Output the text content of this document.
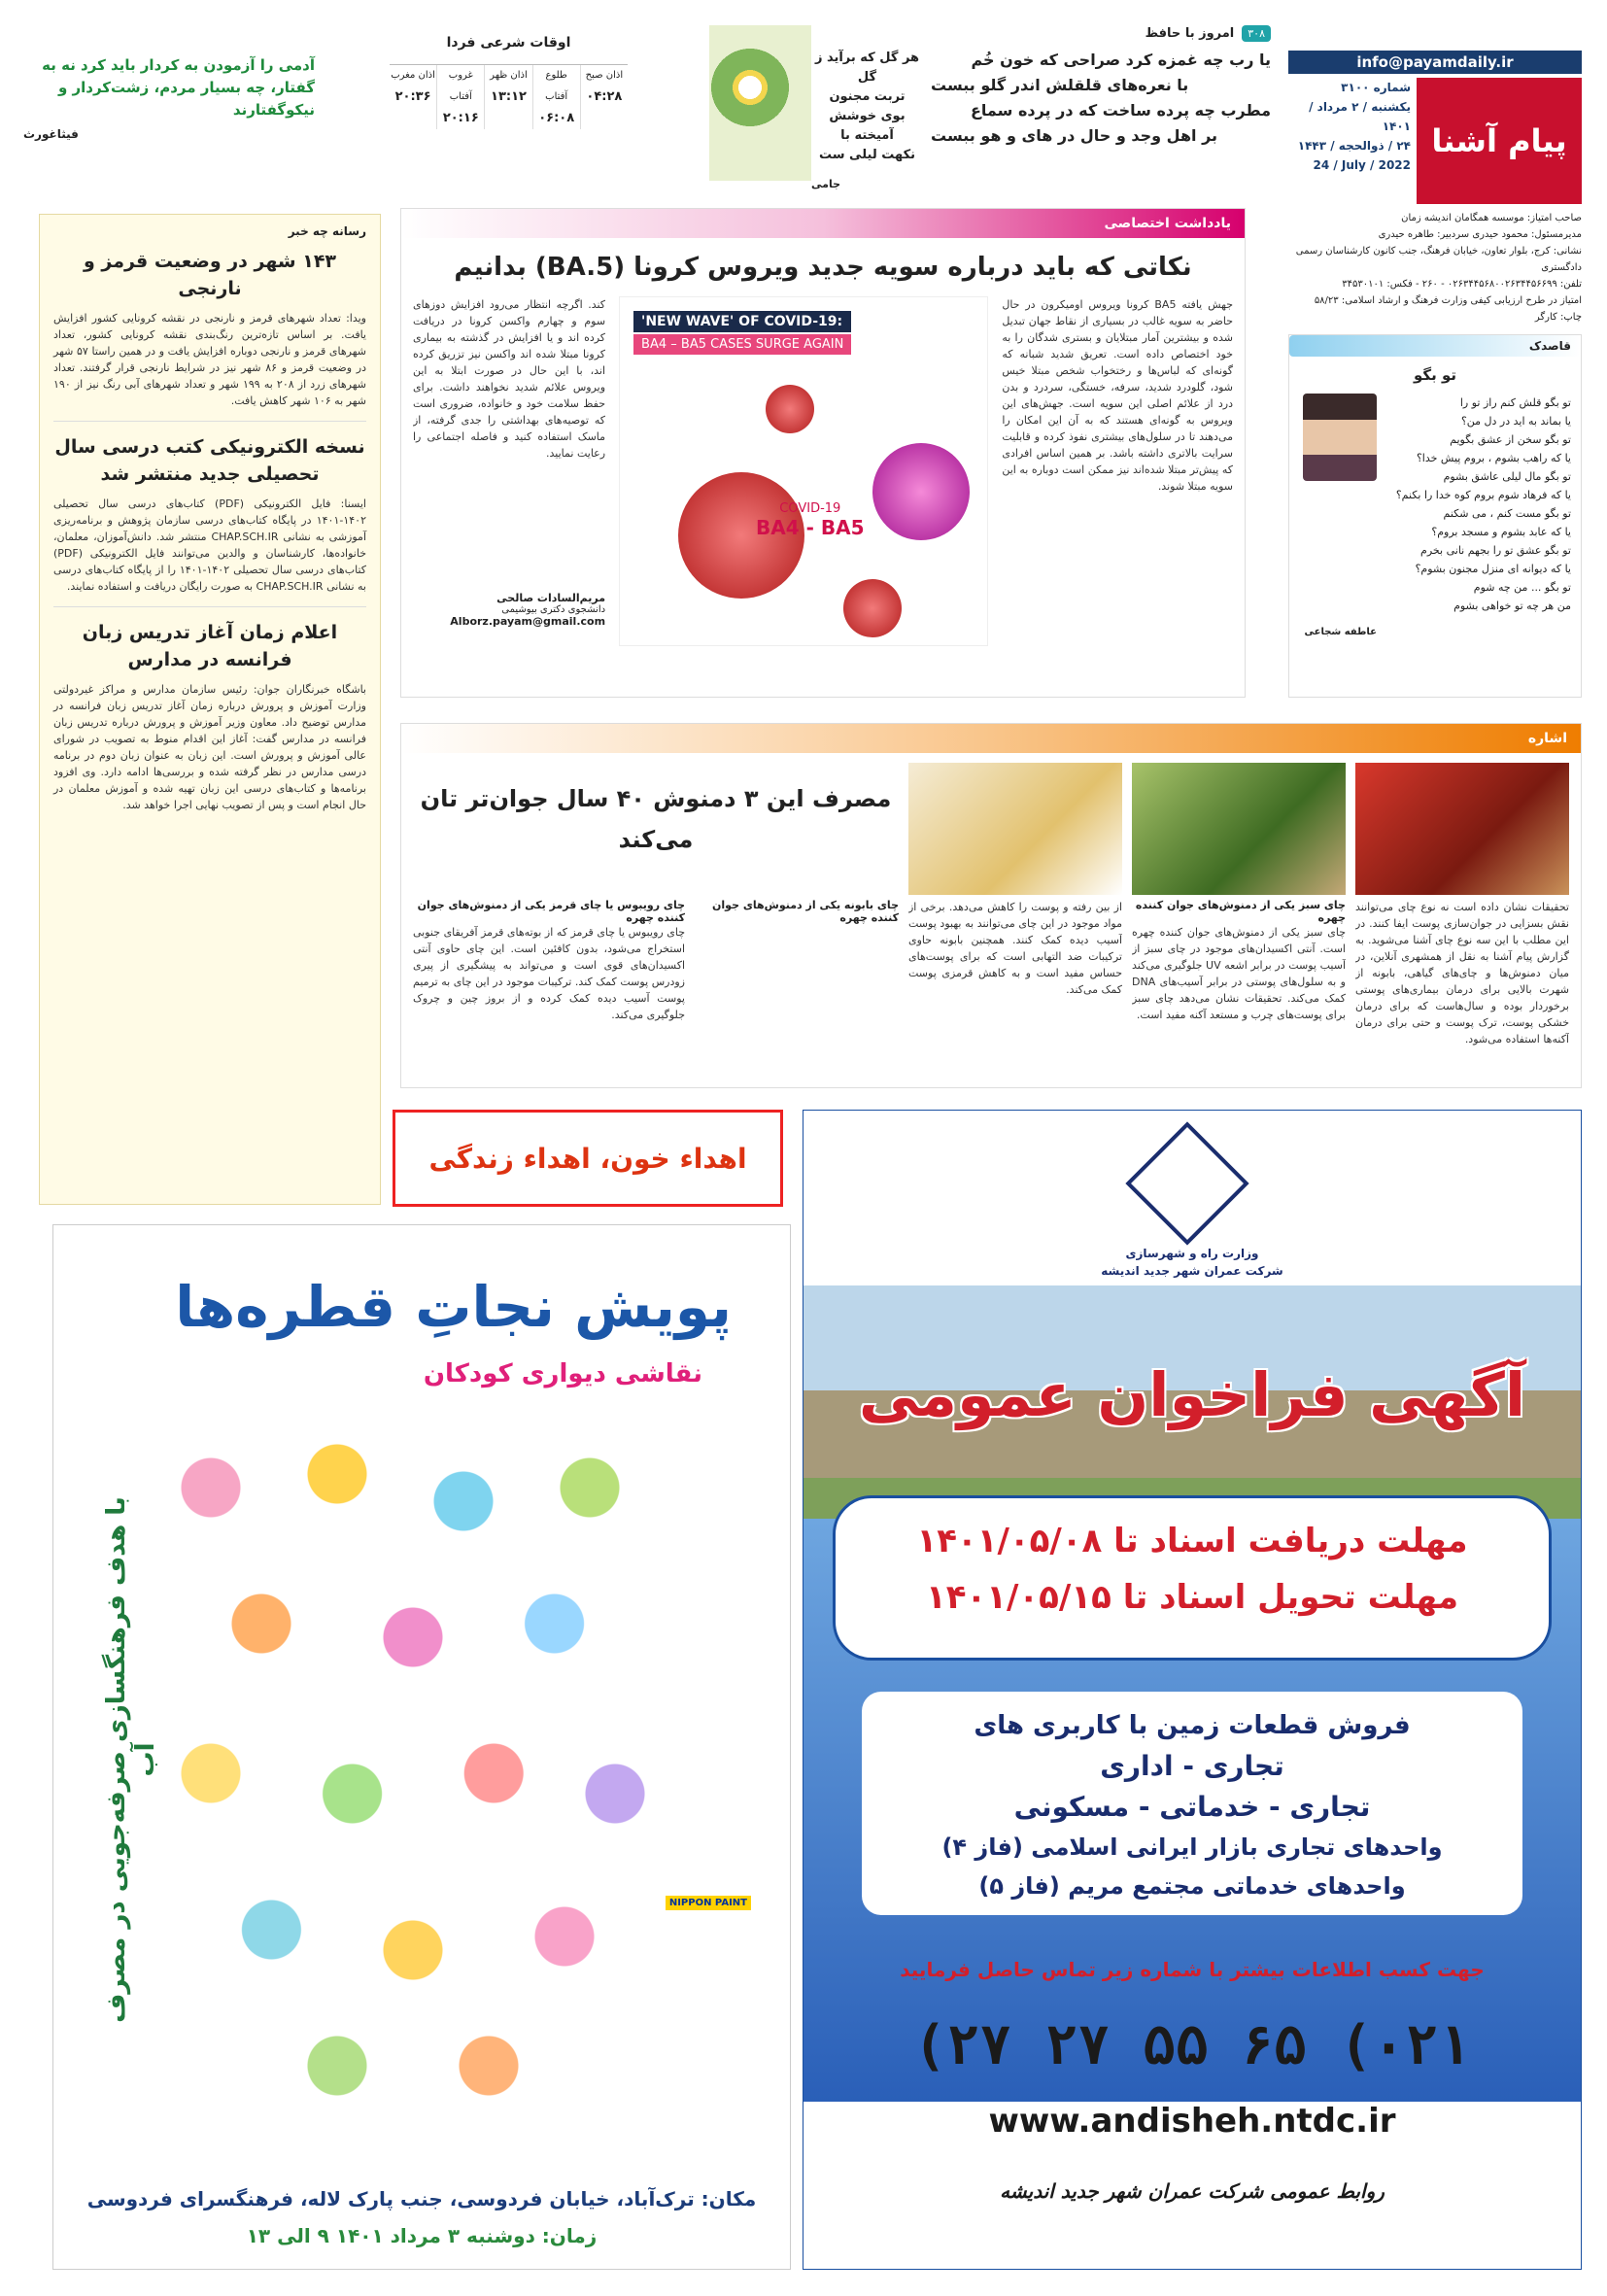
info@payamdaily.ir
پیام آشنا
شماره ۳۱۰۰
یکشنبه / ۲ مرداد / ۱۴۰۱
۲۴ / ذوالحجه / ۱۴۴۳
24 / July / 2022
صاحب امتیاز: موسسه همگامان اندیشه زمان
مدیرمسئول: محمود حیدری سردبیر: طاهره حیدری
نشانی: کرج، بلوار تعاون، خیابان فرهنگ، جنب کانون کارشناسان رسمی دادگستری
تلفن: ۰۲۶۳۴۴۵۶۸۰۰۲۶۳۴۴۵۶۶۹۹ - ۲۶۰ - فکس: ۳۴۵۳۰۱۰۱
امتیاز در طرح ارزیابی کیفی وزارت فرهنگ و ارشاد اسلامی: ۵۸/۲۳
چاپ: کارگر
۳۰۸
امروز با حافظ
یا رب چه غمزه کرد صراحی که خون خُم
با نعره‌های قلقلش اندر گلو ببست
مطرب چه پرده ساخت که در پرده سماع
بر اهل وجد و حال در های و هو ببست
هر گل که برآید ز گل
تربت مجنون
بوی خوشش آمیخته با
نکهت لیلی ست
جامی
اوقات شرعی فردا
اذان صبح
۰۴:۲۸
طلوع آفتاب
۰۶:۰۸
اذان ظهر
۱۳:۱۲
غروب آفتاب
۲۰:۱۶
اذان مغرب
۲۰:۳۶
آدمی را آزمودن به کردار باید کرد نه به گفتار، چه بسیار مردم، زشت‌کردار و نیکوگفتارند
فیثاغورث
رسانه چه خبر
۱۴۳ شهر در وضعیت قرمز و نارنجی
ویدا: تعداد شهرهای قرمز و نارنجی در نقشه کرونایی کشور افزایش یافت. بر اساس تازه‌ترین رنگ‌بندی نقشه کرونایی کشور، تعداد شهرهای قرمز و نارنجی دوباره افزایش یافت و در همین راستا ۵۷ شهر در وضعیت قرمز و ۸۶ شهر نیز در شرایط نارنجی قرار گرفتند. تعداد شهرهای زرد از ۲۰۸ به ۱۹۹ شهر و تعداد شهرهای آبی رنگ نیز از ۱۹۰ شهر به ۱۰۶ شهر کاهش یافت.
نسخه الکترونیکی کتب درسی سال تحصیلی جدید منتشر شد
ایسنا: فایل الکترونیکی (PDF) کتاب‌های درسی سال تحصیلی ۱۴۰۲-۱۴۰۱ در پایگاه کتاب‌های درسی سازمان پژوهش و برنامه‌ریزی آموزشی به نشانی CHAP.SCH.IR منتشر شد. دانش‌آموزان، معلمان، خانواده‌ها، کارشناسان و والدین می‌توانند فایل الکترونیکی (PDF) کتاب‌های درسی سال تحصیلی ۱۴۰۲-۱۴۰۱ را از پایگاه کتاب‌های درسی به نشانی CHAP.SCH.IR به صورت رایگان دریافت و استفاده نمایند.
اعلام زمان آغاز تدریس زبان فرانسه در مدارس
باشگاه خبرنگاران جوان: رئیس سازمان مدارس و مراکز غیردولتی وزارت آموزش و پرورش درباره زمان آغاز تدریس زبان فرانسه در مدارس توضیح داد. معاون وزیر آموزش و پرورش درباره تدریس زبان فرانسه در مدارس گفت: آغاز این اقدام منوط به تصویب در شورای عالی آموزش و پرورش است. این زبان به عنوان زبان دوم در برنامه درسی مدارس در نظر گرفته شده و بررسی‌ها ادامه دارد. وی افزود برنامه‌ها و کتاب‌های درسی این زبان تهیه شده و آموزش معلمان در حال انجام است و پس از تصویب نهایی اجرا خواهد شد.
یادداشت اختصاصی
نکاتی که باید درباره سویه جدید ویروس کرونا (BA.5) بدانیم
جهش یافته BA5 کرونا ویروس اومیکرون در حال حاضر به سویه غالب در بسیاری از نقاط جهان تبدیل شده و بیشترین آمار مبتلایان و بستری شدگان را به خود اختصاص داده است. تعریق شدید شبانه که گونه‌ای که لباس‌ها و رختخواب شخص مبتلا خیس شود، گلودرد شدید، سرفه، خستگی، سردرد و بدن درد از علائم اصلی این سویه است. جهش‌های این ویروس به گونه‌ای هستند که به آن این امکان را می‌دهند تا در سلول‌های بیشتری نفوذ کرده و قابلیت سرایت بالاتری داشته باشد. بر همین اساس افرادی که پیش‌تر مبتلا شده‌اند نیز ممکن است دوباره به این سویه مبتلا شوند.
'NEW WAVE' OF COVID-19:
BA4 – BA5 CASES SURGE AGAIN
COVID-19
BA4 - BA5
کند. اگرچه انتظار می‌رود افزایش دوزهای سوم و چهارم واکسن کرونا در دریافت کرده اند و یا افزایش در گذشته به بیماری کرونا مبتلا شده اند واکسن نیز تزریق کرده اند، با این حال در صورت ابتلا به این ویروس علائم شدید نخواهند داشت. برای حفظ سلامت خود و خانواده، ضروری است که توصیه‌های بهداشتی را جدی گرفته، از ماسک استفاده کنید و فاصله اجتماعی را رعایت نمایید.
مریم‌السادات صالحی
دانشجوی دکتری بیوشیمی
Alborz.payam@gmail.com
قاصدک
تو بگو
تو بگو قلش کنم راز تو را
یا بماند به اید در دل من؟
تو بگو سخن از عشق بگویم
یا که راهب بشوم ، بروم پیش خدا؟
تو بگو مال لیلی عاشق بشوم
یا که فرهاد شوم بروم کوه خدا را بکنم؟
تو بگو مست کنم ، می شکنم
یا که عابد بشوم و مسجد بروم؟
تو بگو عشق تو را بجهم نانی بخرم
یا که دیوانه ای منزل مجنون بشوم؟
تو بگو ... من چه شوم
من هر چه تو خواهی بشوم
عاطفه شجاعی
اشاره
مصرف این ۳ دمنوش ۴۰ سال جوان‌تر تان می‌کند
تحقیقات نشان داده است نه نوع چای می‌توانند نقش بسزایی در جوان‌سازی پوست ایفا کنند. در این مطلب با این سه نوع چای آشنا می‌شوید. به گزارش پیام آشنا به نقل از همشهری آنلاین، در میان دمنوش‌ها و چای‌های گیاهی، بابونه از شهرت بالایی برای درمان بیماری‌های پوستی برخوردار بوده و سال‌هاست که برای درمان خشکی پوست، ترک پوست و حتی برای درمان آکنه‌ها استفاده می‌شود.
چای سبز یکی از دمنوش‌های جوان کننده چهره
چای سبز یکی از دمنوش‌های جوان کننده چهره است. آنتی اکسیدان‌های موجود در چای سبز از آسیب پوست در برابر اشعه UV جلوگیری می‌کند و به سلول‌های پوستی در برابر آسیب‌های DNA کمک می‌کند. تحقیقات نشان می‌دهد چای سبز برای پوست‌های چرب و مستعد آکنه مفید است.
از بین رفته و پوست را کاهش می‌دهد. برخی از مواد موجود در این چای می‌توانند به بهبود پوست آسیب دیده کمک کنند. همچنین بابونه حاوی ترکیبات ضد التهابی است که برای پوست‌های حساس مفید است و به کاهش قرمزی پوست کمک می‌کند.
چای بابونه یکی از دمنوش‌های جوان کننده چهره
چای رویبوس یا چای قرمز یکی از دمنوش‌های جوان کننده چهره
چای رویبوس یا چای قرمز که از بوته‌های قرمز آفریقای جنوبی استخراج می‌شود، بدون کافئین است. این چای حاوی آنتی اکسیدان‌های قوی است و می‌تواند به پیشگیری از پیری زودرس پوست کمک کند. ترکیبات موجود در این چای به ترمیم پوست آسیب دیده کمک کرده و از بروز چین و چروک جلوگیری می‌کند.
اهداء خون، اهداء زندگی
پویش نجاتِ قطره‌ها
نقاشی دیواری کودکان
با هدف فرهنگسازی صرفه‌جویی در مصرف آب
NIPPON PAINT
مکان: ترک‌آباد، خیابان فردوسی، جنب پارک لاله، فرهنگسرای فردوسی
زمان: دوشنبه ۳ مرداد ۱۴۰۱ ۹ الی ۱۳
وزارت راه و شهرسازی
شرکت عمران شهر جدید اندیشه
آگهی فراخوان عمومی
مهلت دریافت اسناد تا ۱۴۰۱/۰۵/۰۸
مهلت تحویل اسناد تا ۱۴۰۱/۰۵/۱۵
فروش قطعات زمین با کاربری های
تجاری - اداری
تجاری - خدماتی - مسکونی
واحدهای تجاری بازار ایرانی اسلامی (فاز ۴)
واحدهای خدماتی مجتمع مریم (فاز ۵)
جهت کسب اطلاعات بیشتر با شماره زیر تماس حاصل فرمایید
۰۲۱) ۶۵ ۵۵ ۲۷ ۲۷)
www.andisheh.ntdc.ir
روابط عمومی شرکت عمران شهر جدید اندیشه
